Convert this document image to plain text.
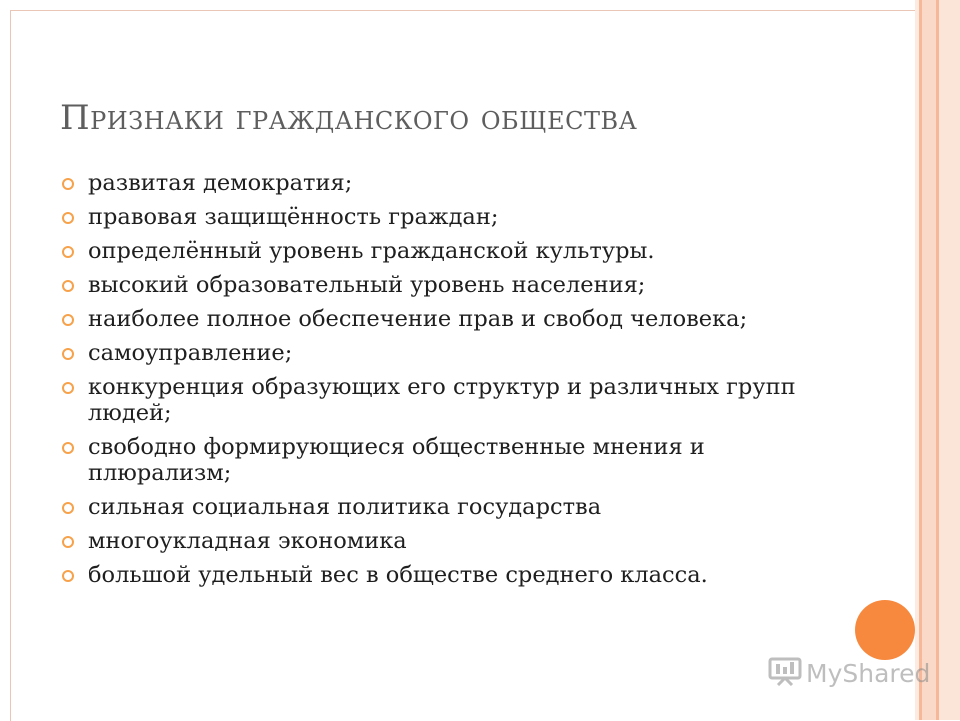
Признаки гражданского общества
развитая демократия;
правовая защищённость граждан;
определённый уровень гражданской культуры.
высокий образовательный уровень населения;
наиболее полное обеспечение прав и свобод человека;
самоуправление;
конкуренция образующих его структур и различных групп людей;
свободно формирующиеся общественные мнения и плюрализм;
сильная социальная политика государства
многоукладная экономика
большой удельный вес в обществе среднего класса.
MyShared
